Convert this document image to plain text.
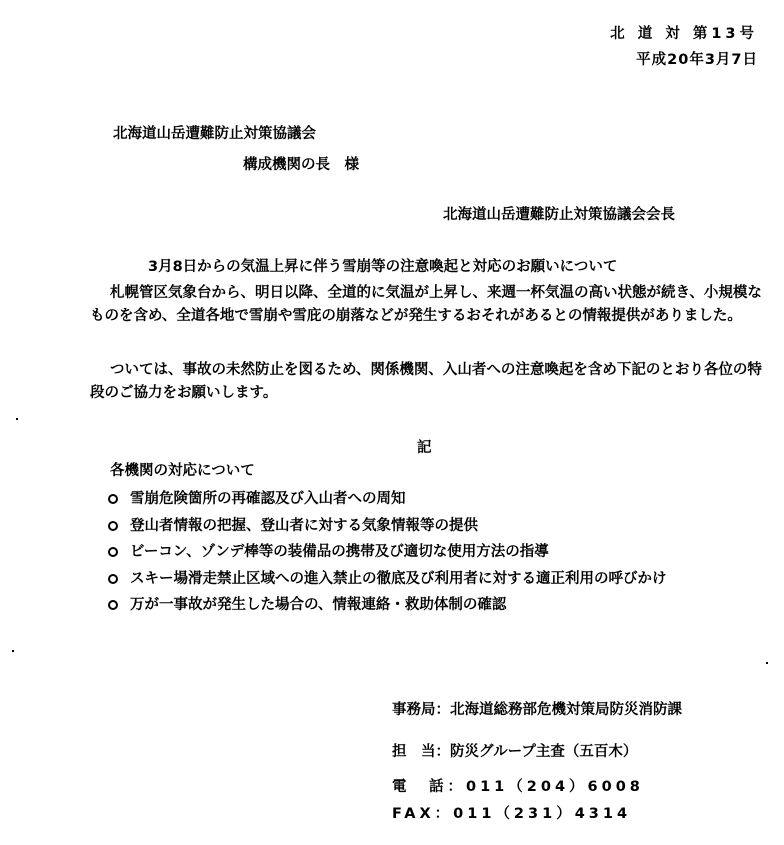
北 道 対 第13号
平成20年3月7日
北海道山岳遭難防止対策協議会
構成機関の長　様
北海道山岳遭難防止対策協議会会長
3月8日からの気温上昇に伴う雪崩等の注意喚起と対応のお願いについて

札幌管区気象台から、明日以降、全道的に気温が上昇し、来週一杯気温の高い状態が続き、小規模なものを含め、全道各地で雪崩や雪庇の崩落などが発生するおそれがあるとの情報提供がありました。

ついては、事故の未然防止を図るため、関係機関、入山者への注意喚起を含め下記のとおり各位の特段のご協力をお願いします。

記
各機関の対応について
雪崩危険箇所の再確認及び入山者への周知
登山者情報の把握、登山者に対する気象情報等の提供
ビーコン、ゾンデ棒等の装備品の携帯及び適切な使用方法の指導
スキー場滑走禁止区域への進入禁止の徹底及び利用者に対する適正利用の呼びかけ
万が一事故が発生した場合の、情報連絡・救助体制の確認
事務局：北海道総務部危機対策局防災消防課
担　当：防災グループ主査（五百木）
電　話：011（204）6008
FAX：011（231）4314
